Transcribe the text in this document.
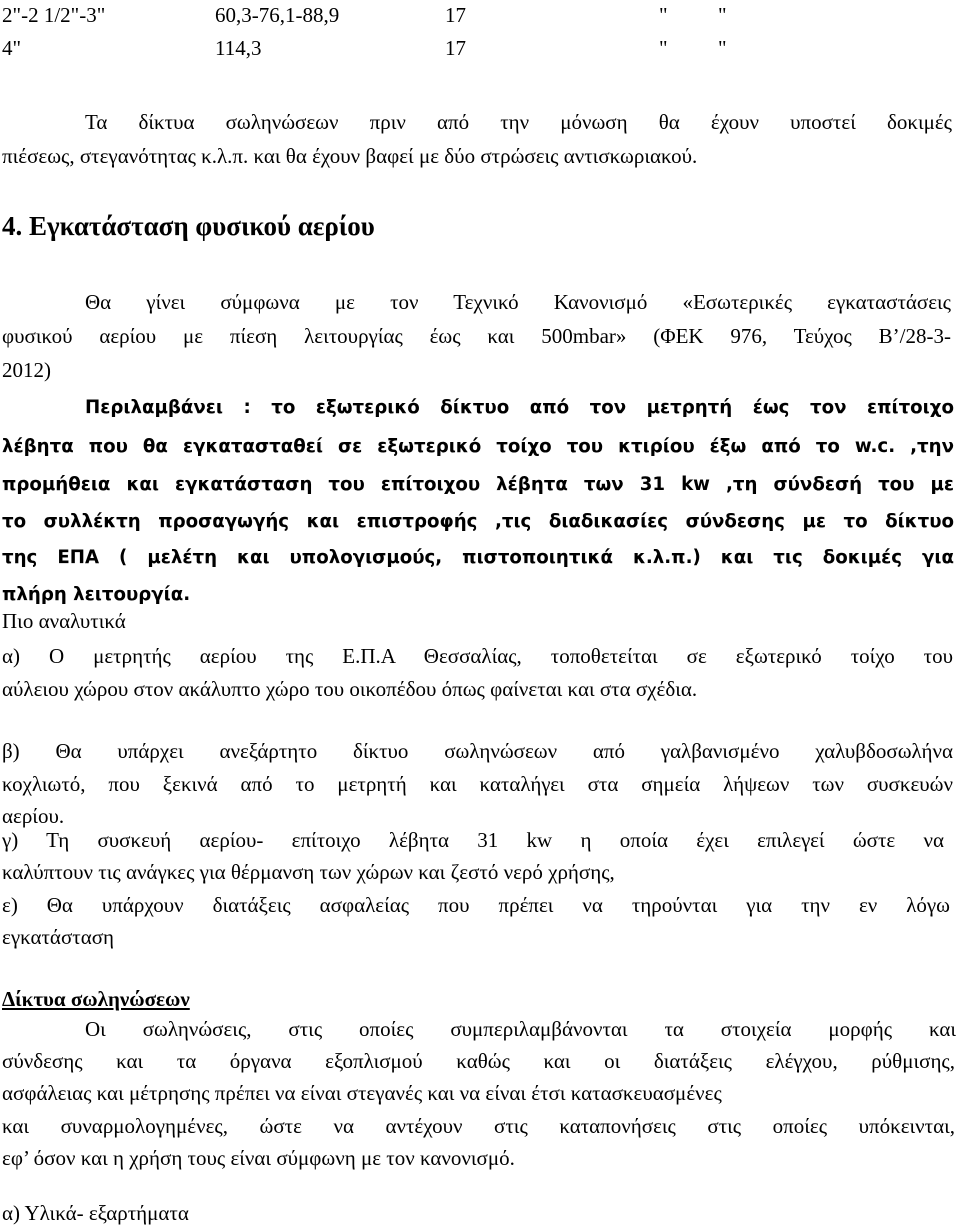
2"-2 1/2"-3"	60,3-76,1-88,9	17	" "
4"	114,3	17	" "
Τα δίκτυα σωληνώσεων πριν από την μόνωση θα έχουν υποστεί δοκιμές
πιέσεως, στεγανότητας κ.λ.π. και θα έχουν βαφεί με δύο στρώσεις αντισκωριακού.
4. Εγκατάσταση φυσικού αερίου
Θα γίνει σύμφωνα με τον Τεχνικό Κανονισμό «Εσωτερικές εγκαταστάσεις
φυσικού αερίου με πίεση λειτουργίας έως και 500mbar» (ΦΕΚ 976, Τεύχος Β’/28-3-
2012)
Περιλαμβάνει : το εξωτερικό δίκτυο από τον μετρητή έως τον επίτοιχο
λέβητα που θα εγκατασταθεί σε εξωτερικό τοίχο του κτιρίου έξω από το w.c. ,την
προμήθεια και εγκατάσταση του επίτοιχου λέβητα των 31 kw ,τη σύνδεσή του με
το συλλέκτη προσαγωγής και επιστροφής ,τις διαδικασίες σύνδεσης με το δίκτυο
της ΕΠΑ ( μελέτη και υπολογισμούς, πιστοποιητικά κ.λ.π.) και τις δοκιμές για
πλήρη λειτουργία.
Πιο αναλυτικά
α) Ο μετρητής αερίου της Ε.Π.Α Θεσσαλίας, τοποθετείται σε εξωτερικό τοίχο του
αύλειου χώρου στον ακάλυπτο χώρο του οικοπέδου όπως φαίνεται και στα σχέδια.
β) Θα υπάρχει ανεξάρτητο δίκτυο σωληνώσεων από γαλβανισμένο χαλυβδοσωλήνα
κοχλιωτό, που ξεκινά από το μετρητή και καταλήγει στα σημεία λήψεων των συσκευών
αερίου.
γ) Τη συσκευή αερίου- επίτοιχο λέβητα 31 kw η οποία έχει επιλεγεί ώστε να
καλύπτουν τις ανάγκες για θέρμανση των χώρων και ζεστό νερό χρήσης,
ε) Θα υπάρχουν διατάξεις ασφαλείας που πρέπει να τηρούνται για την εν λόγω
εγκατάσταση
Δίκτυα σωληνώσεων
Οι σωληνώσεις, στις οποίες συμπεριλαμβάνονται τα στοιχεία μορφής και
σύνδεσης και τα όργανα εξοπλισμού καθώς και οι διατάξεις ελέγχου, ρύθμισης,
ασφάλειας και μέτρησης πρέπει να είναι στεγανές και να είναι έτσι κατασκευασμένες
και συναρμολογημένες, ώστε να αντέχουν στις καταπονήσεις στις οποίες υπόκεινται,
εφ’ όσον και η χρήση τους είναι σύμφωνη με τον κανονισμό.
α) Υλικά- εξαρτήματα
